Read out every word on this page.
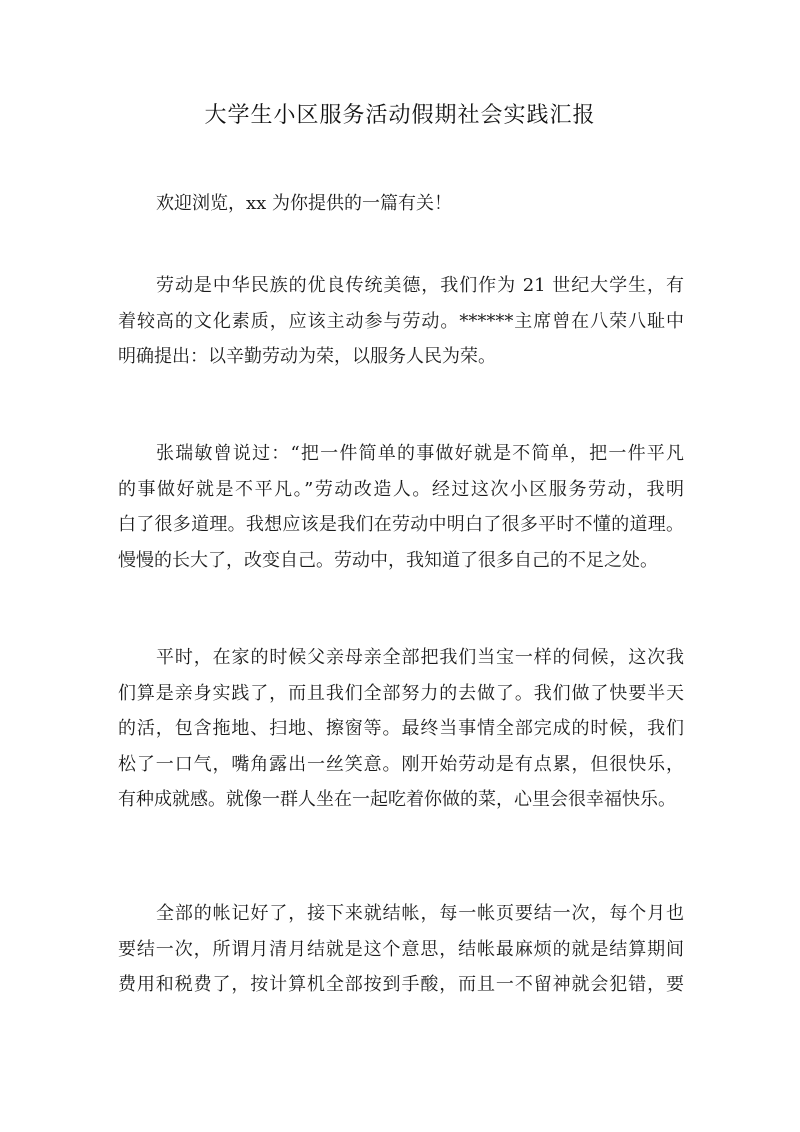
大学生小区服务活动假期社会实践汇报

欢迎浏览，xx 为你提供的一篇有关！

劳动是中华民族的优良传统美德，我们作为 21 世纪大学生，有
着较高的文化素质，应该主动参与劳动。******主席曾在八荣八耻中
明确提出：以辛勤劳动为荣，以服务人民为荣。

张瑞敏曾说过：“把一件简单的事做好就是不简单，把一件平凡
的事做好就是不平凡。”劳动改造人。经过这次小区服务劳动，我明
白了很多道理。我想应该是我们在劳动中明白了很多平时不懂的道理。
慢慢的长大了，改变自己。劳动中，我知道了很多自己的不足之处。

平时，在家的时候父亲母亲全部把我们当宝一样的伺候，这次我
们算是亲身实践了，而且我们全部努力的去做了。我们做了快要半天
的活，包含拖地、扫地、擦窗等。最终当事情全部完成的时候，我们
松了一口气，嘴角露出一丝笑意。刚开始劳动是有点累，但很快乐，
有种成就感。就像一群人坐在一起吃着你做的菜，心里会很幸福快乐。

全部的帐记好了，接下来就结帐，每一帐页要结一次，每个月也
要结一次，所谓月清月结就是这个意思，结帐最麻烦的就是结算期间
费用和税费了，按计算机全部按到手酸，而且一不留神就会犯错，要
